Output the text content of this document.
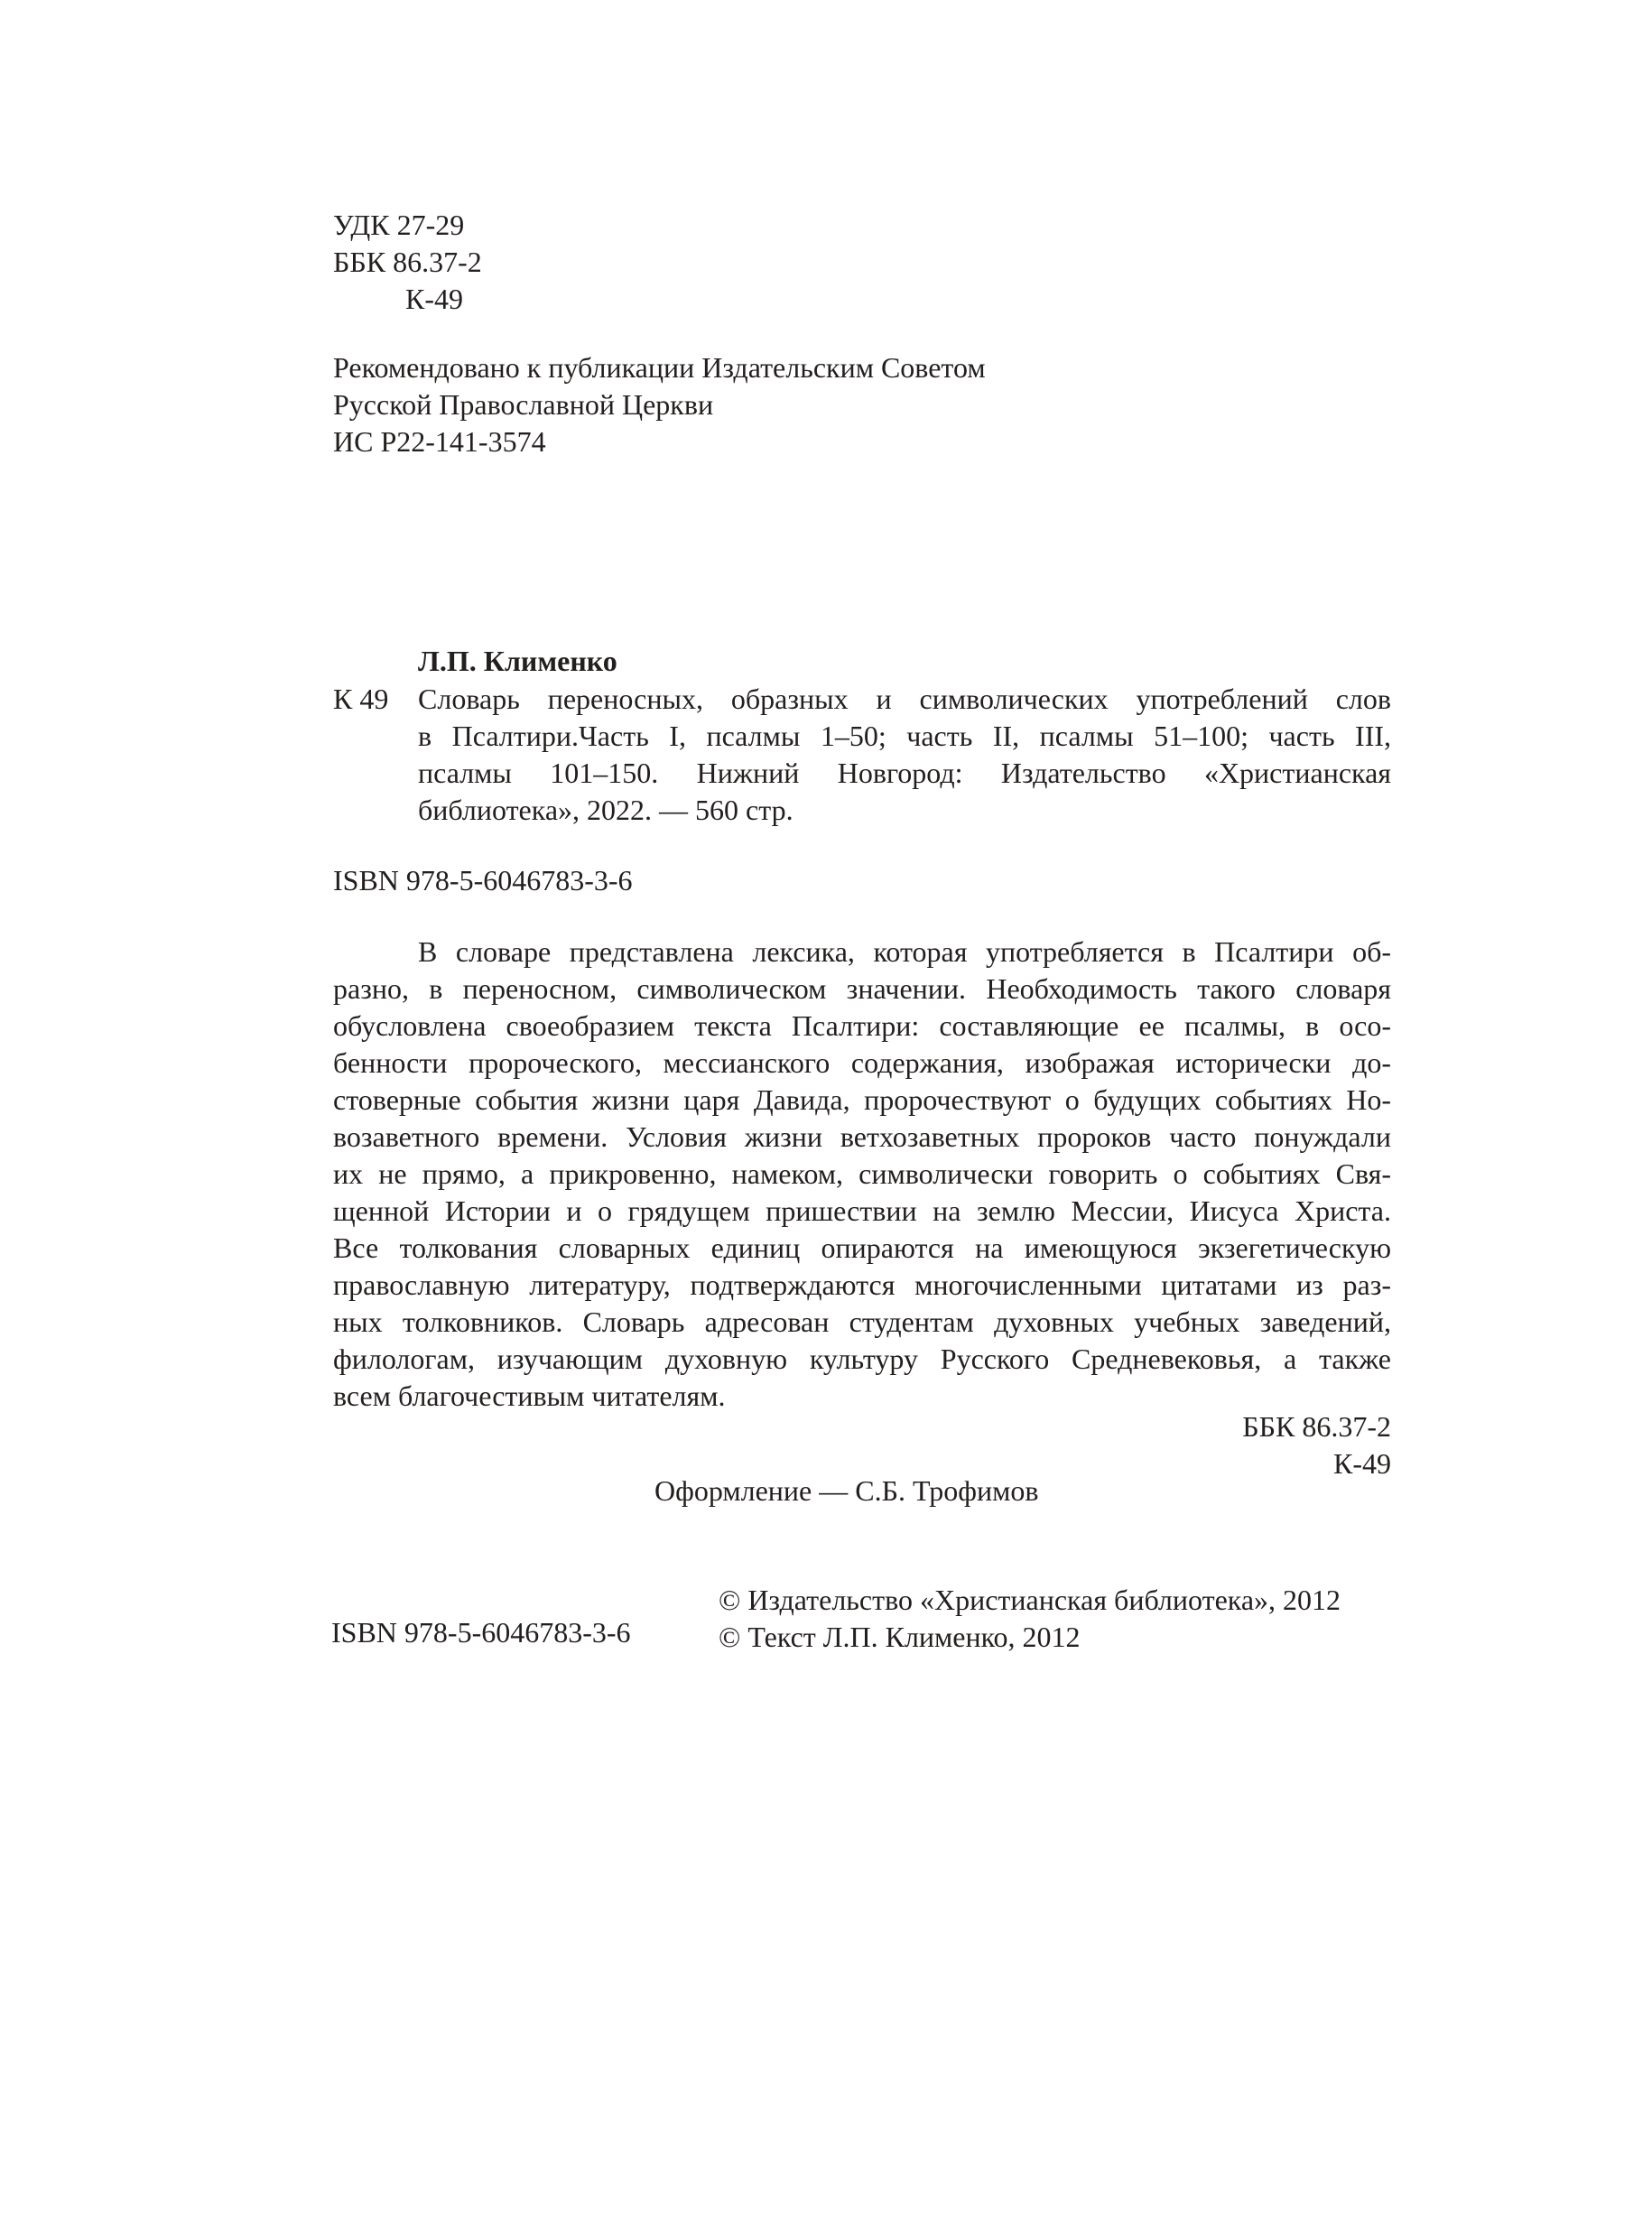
УДК 27-29
ББК 86.37-2
К-49
Рекомендовано к публикации Издательским Советом
Русской Православной Церкви
ИС Р22-141-3574
Л.П. Клименко
К 49 Словарь переносных, образных и символических употреблений слов
в Псалтири.Часть I, псалмы 1–50; часть II, псалмы 51–100; часть III,
псалмы 101–150. Нижний Новгород: Издательство «Христианская
библиотека», 2022. — 560 стр.
ISBN 978-5-6046783-3-6
В словаре представлена лексика, которая употребляется в Псалтири об-
разно, в переносном, символическом значении. Необходимость такого словаря
обусловлена своеобразием текста Псалтири: составляющие ее псалмы, в осо-
бенности пророческого, мессианского содержания, изображая исторически до-
стоверные события жизни царя Давида, пророчествуют о будущих событиях Но-
возаветного времени. Условия жизни ветхозаветных пророков часто понуждали
их не прямо, а прикровенно, намеком, символически говорить о событиях Свя-
щенной Истории и о грядущем пришествии на землю Мессии, Иисуса Христа.
Все толкования словарных единиц опираются на имеющуюся экзегетическую
православную литературу, подтверждаются многочисленными цитатами из раз-
ных толковников. Словарь адресован студентам духовных учебных заведений,
филологам, изучающим духовную культуру Русского Средневековья, а также
всем благочестивым читателям.
ББК 86.37-2
К-49
Оформление — С.Б. Трофимов
ISBN 978-5-6046783-3-6
© Издательство «Христианская библиотека», 2012
© Текст Л.П. Клименко, 2012
